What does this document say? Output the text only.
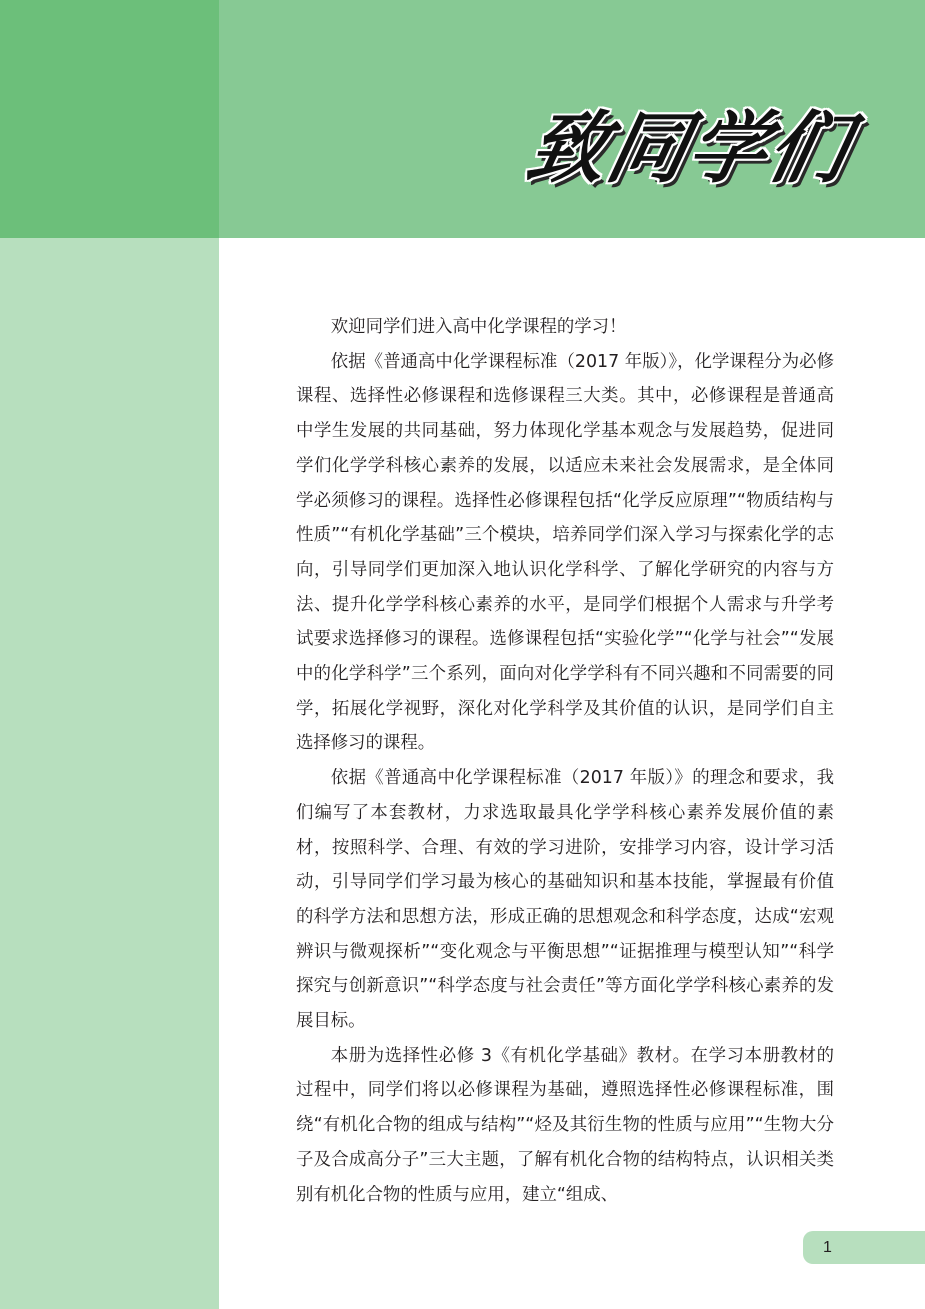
致同学们

欢迎同学们进入高中化学课程的学习！

依据《普通高中化学课程标准（2017 年版）》，化学课程分为必修课程、选择性必修课程和选修课程三大类。其中，必修课程是普通高中学生发展的共同基础，努力体现化学基本观念与发展趋势，促进同学们化学学科核心素养的发展，以适应未来社会发展需求，是全体同学必须修习的课程。选择性必修课程包括“化学反应原理”“物质结构与性质”“有机化学基础”三个模块，培养同学们深入学习与探索化学的志向，引导同学们更加深入地认识化学科学、了解化学研究的内容与方法、提升化学学科核心素养的水平，是同学们根据个人需求与升学考试要求选择修习的课程。选修课程包括“实验化学”“化学与社会”“发展中的化学科学”三个系列，面向对化学学科有不同兴趣和不同需要的同学，拓展化学视野，深化对化学科学及其价值的认识，是同学们自主选择修习的课程。

依据《普通高中化学课程标准（2017 年版）》的理念和要求，我们编写了本套教材，力求选取最具化学学科核心素养发展价值的素材，按照科学、合理、有效的学习进阶，安排学习内容，设计学习活动，引导同学们学习最为核心的基础知识和基本技能，掌握最有价值的科学方法和思想方法，形成正确的思想观念和科学态度，达成“宏观辨识与微观探析”“变化观念与平衡思想”“证据推理与模型认知”“科学探究与创新意识”“科学态度与社会责任”等方面化学学科核心素养的发展目标。

本册为选择性必修 3《有机化学基础》教材。在学习本册教材的过程中，同学们将以必修课程为基础，遵照选择性必修课程标准，围绕“有机化合物的组成与结构”“烃及其衍生物的性质与应用”“生物大分子及合成高分子”三大主题，了解有机化合物的结构特点，认识相关类别有机化合物的性质与应用，建立“组成、

1
